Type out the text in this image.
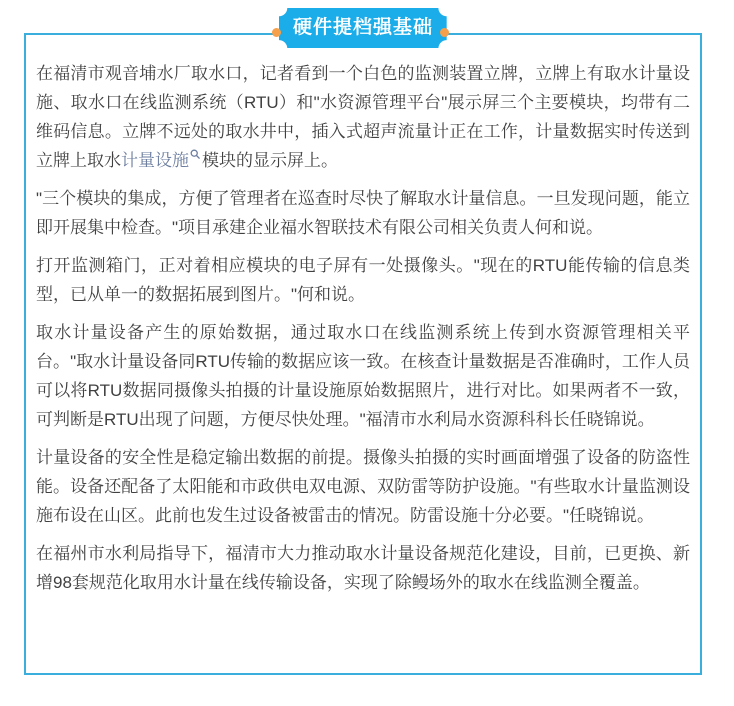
在福清市观音埔水厂取水口，记者看到一个白色的监测装置立牌，立牌上有取水计量设施、取水口在线监测系统（RTU）和"水资源管理平台"展示屏三个主要模块，均带有二维码信息。立牌不远处的取水井中，插入式超声流量计正在工作，计量数据实时传送到立牌上取水计量设施 模块的显示屏上。

"三个模块的集成，方便了管理者在巡查时尽快了解取水计量信息。一旦发现问题，能立即开展集中检查。"项目承建企业福水智联技术有限公司相关负责人何和说。

打开监测箱门，正对着相应模块的电子屏有一处摄像头。"现在的RTU能传输的信息类型，已从单一的数据拓展到图片。"何和说。

取水计量设备产生的原始数据，通过取水口在线监测系统上传到水资源管理相关平台。"取水计量设备同RTU传输的数据应该一致。在核查计量数据是否准确时，工作人员可以将RTU数据同摄像头拍摄的计量设施原始数据照片，进行对比。如果两者不一致，可判断是RTU出现了问题，方便尽快处理。"福清市水利局水资源科科长任晓锦说。

计量设备的安全性是稳定输出数据的前提。摄像头拍摄的实时画面增强了设备的防盗性能。设备还配备了太阳能和市政供电双电源、双防雷等防护设施。"有些取水计量监测设施布设在山区。此前也发生过设备被雷击的情况。防雷设施十分必要。"任晓锦说。

在福州市水利局指导下，福清市大力推动取水计量设备规范化建设，目前，已更换、新增98套规范化取用水计量在线传输设备，实现了除鳗场外的取水在线监测全覆盖。

硬件提档强基础
